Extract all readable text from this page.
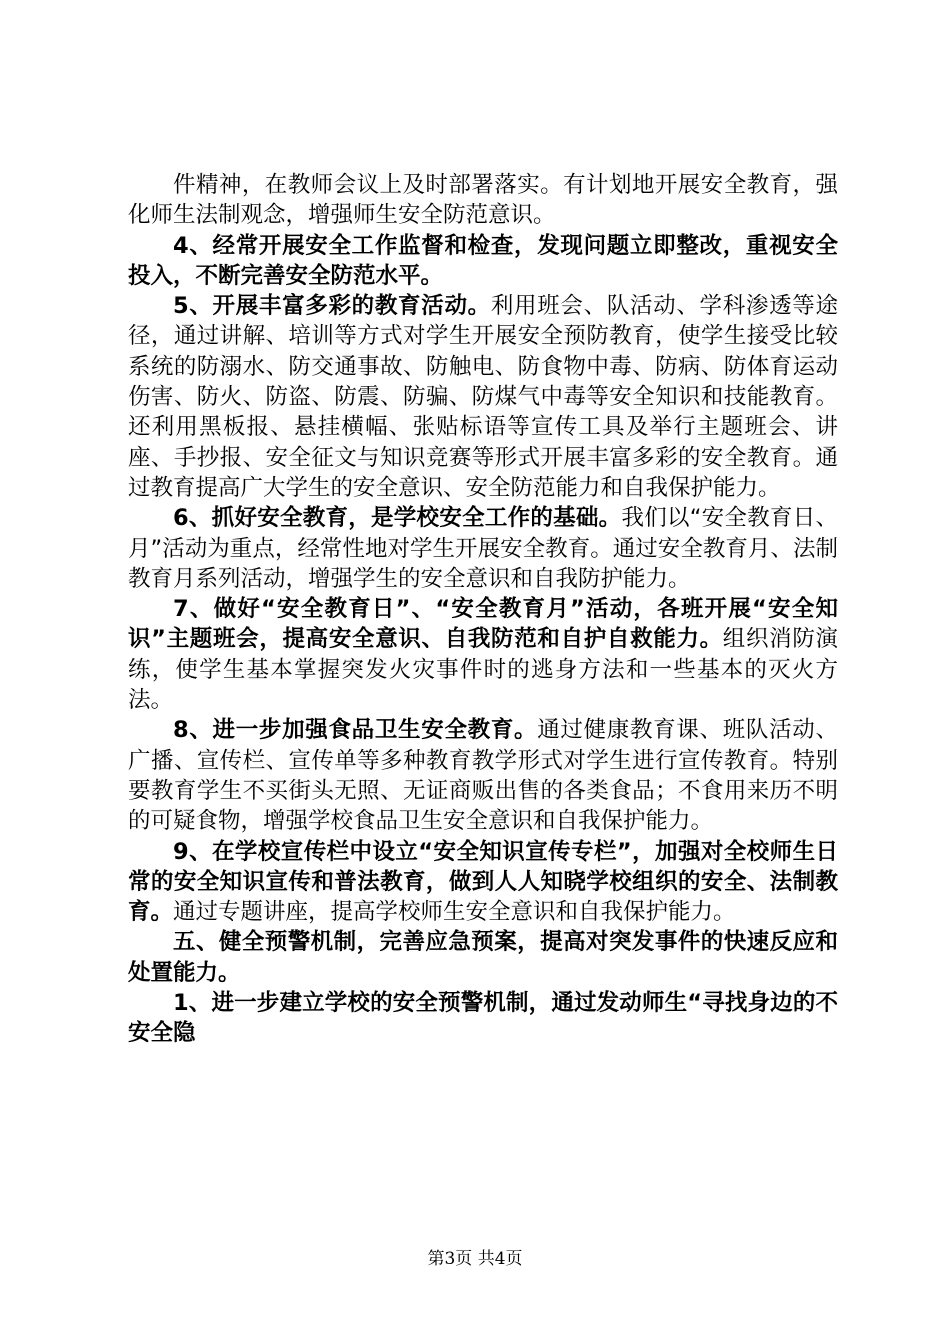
件精神，在教师会议上及时部署落实。有计划地开展安全教育，强化师生法制观念，增强师生安全防范意识。

4、经常开展安全工作监督和检查，发现问题立即整改，重视安全投入，不断完善安全防范水平。

5、开展丰富多彩的教育活动。利用班会、队活动、学科渗透等途径，通过讲解、培训等方式对学生开展安全预防教育，使学生接受比较系统的防溺水、防交通事故、防触电、防食物中毒、防病、防体育运动伤害、防火、防盗、防震、防骗、防煤气中毒等安全知识和技能教育。还利用黑板报、悬挂横幅、张贴标语等宣传工具及举行主题班会、讲座、手抄报、安全征文与知识竞赛等形式开展丰富多彩的安全教育。通过教育提高广大学生的安全意识、安全防范能力和自我保护能力。

6、抓好安全教育，是学校安全工作的基础。我们以“安全教育日、月”活动为重点，经常性地对学生开展安全教育。通过安全教育月、法制教育月系列活动，增强学生的安全意识和自我防护能力。

7、做好“安全教育日”、“安全教育月”活动，各班开展“安全知识”主题班会，提高安全意识、自我防范和自护自救能力。组织消防演练，使学生基本掌握突发火灾事件时的逃身方法和一些基本的灭火方法。

8、进一步加强食品卫生安全教育。通过健康教育课、班队活动、广播、宣传栏、宣传单等多种教育教学形式对学生进行宣传教育。特别要教育学生不买街头无照、无证商贩出售的各类食品；不食用来历不明的可疑食物，增强学校食品卫生安全意识和自我保护能力。

9、在学校宣传栏中设立“安全知识宣传专栏”，加强对全校师生日常的安全知识宣传和普法教育，做到人人知晓学校组织的安全、法制教育。通过专题讲座，提高学校师生安全意识和自我保护能力。

五、健全预警机制，完善应急预案，提高对突发事件的快速反应和处置能力。

1、进一步建立学校的安全预警机制，通过发动师生“寻找身边的不安全隐

第3页 共4页
